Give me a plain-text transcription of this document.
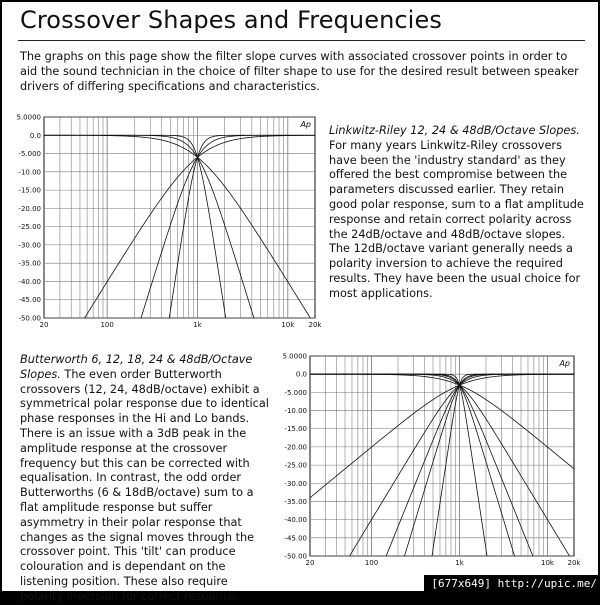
Crossover Shapes and Frequencies
The graphs on this page show the filter slope curves with associated crossover points in order to aid the sound technician in the choice of filter shape to use for the desired result between speaker drivers of differing specifications and characteristics.
Linkwitz-Riley 12, 24 & 48dB/Octave Slopes. For many years Linkwitz-Riley crossovers have been the 'industry standard' as they offered the best compromise between the parameters discussed earlier. They retain good polar response, sum to a flat amplitude response and retain correct polarity across the 24dB/octave and 48dB/octave slopes. The 12dB/octave variant generally needs a polarity inversion to achieve the required results. They have been the usual choice for most applications.
Butterworth 6, 12, 18, 24 & 48dB/Octave Slopes. The even order Butterworth crossovers (12, 24, 48dB/octave) exhibit a symmetrical polar response due to identical phase responses in the Hi and Lo bands. There is an issue with a 3dB peak in the amplitude response at the crossover frequency but this can be corrected with equalisation. In contrast, the odd order Butterworths (6 & 18dB/octave) sum to a flat amplitude response but suffer asymmetry in their polar response that changes as the signal moves through the crossover point. This 'tilt' can produce colouration and is dependant on the listening position. These also require polarity inversion for correct response.
5.0000
0.0
-5.000
-10.00
-15.00
-20.00
-25.00
-30.00
-35.00
-40.00
-45.00
-50.00
20	100	1k	10k 20k
Ap
5.0000
0.0
-5.000
-10.00
-15.00
-20.00
-25.00
-30.00
-35.00
-40.00
-45.00
-50.00
20	100	1k	10k 20k
Ap
[677x649] http://upic.me/
